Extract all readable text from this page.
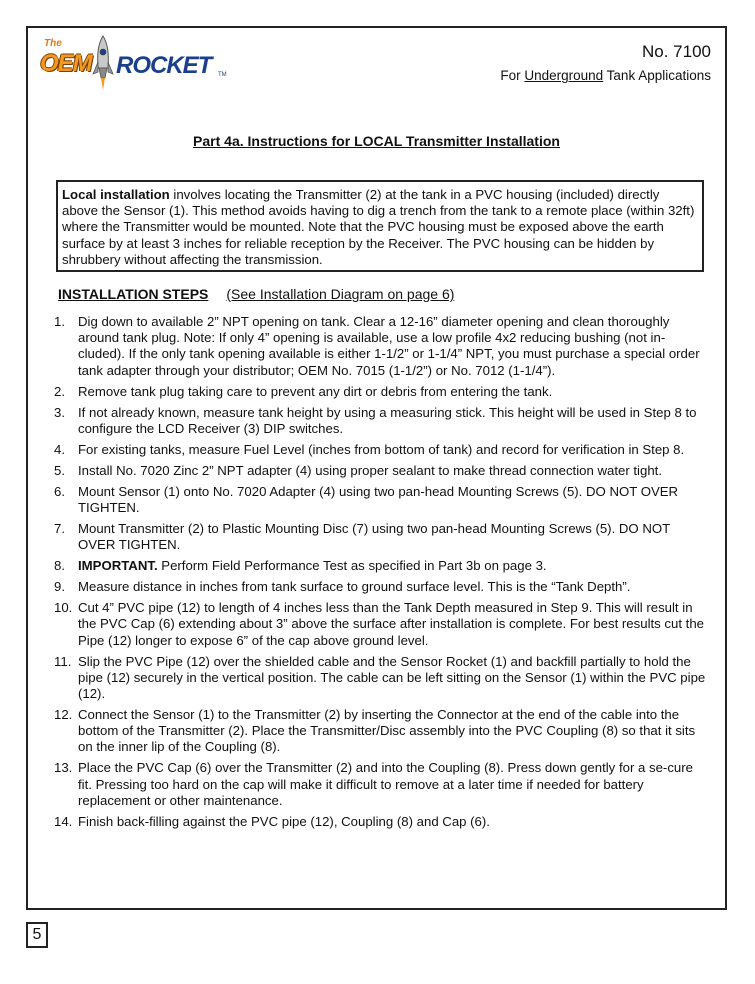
The
OEM ROCKET TM
No. 7100
For Underground Tank Applications
Part 4a. Instructions for LOCAL Transmitter Installation
Local installation involves locating the Transmitter (2) at the tank in a PVC housing (included) directly above the Sensor (1). This method avoids having to dig a trench from the tank to a remote place (within 32ft) where the Transmitter would be mounted. Note that the PVC housing must be exposed above the earth surface by at least 3 inches for reliable reception by the Receiver. The PVC housing can be hidden by shrubbery without affecting the transmission.
INSTALLATION STEPS (See Installation Diagram on page 6)
1. Dig down to available 2” NPT opening on tank. Clear a 12-16” diameter opening and clean thoroughly around tank plug. Note: If only 4” opening is available, use a low profile 4x2 reducing bushing (not in-cluded). If the only tank opening available is either 1-1/2” or 1-1/4” NPT, you must purchase a special order tank adapter through your distributor; OEM No. 7015 (1-1/2”) or No. 7012 (1-1/4”).
2. Remove tank plug taking care to prevent any dirt or debris from entering the tank.
3. If not already known, measure tank height by using a measuring stick. This height will be used in Step 8 to configure the LCD Receiver (3) DIP switches.
4. For existing tanks, measure Fuel Level (inches from bottom of tank) and record for verification in Step 8.
5. Install No. 7020 Zinc 2” NPT adapter (4) using proper sealant to make thread connection water tight.
6. Mount Sensor (1) onto No. 7020 Adapter (4) using two pan-head Mounting Screws (5). DO NOT OVER TIGHTEN.
7. Mount Transmitter (2) to Plastic Mounting Disc (7) using two pan-head Mounting Screws (5). DO NOT OVER TIGHTEN.
8. IMPORTANT. Perform Field Performance Test as specified in Part 3b on page 3.
9. Measure distance in inches from tank surface to ground surface level. This is the “Tank Depth”.
10. Cut 4” PVC pipe (12) to length of 4 inches less than the Tank Depth measured in Step 9. This will result in the PVC Cap (6) extending about 3” above the surface after installation is complete. For best results cut the Pipe (12) longer to expose 6” of the cap above ground level.
11. Slip the PVC Pipe (12) over the shielded cable and the Sensor Rocket (1) and backfill partially to hold the pipe (12) securely in the vertical position. The cable can be left sitting on the Sensor (1) within the PVC pipe (12).
12. Connect the Sensor (1) to the Transmitter (2) by inserting the Connector at the end of the cable into the bottom of the Transmitter (2). Place the Transmitter/Disc assembly into the PVC Coupling (8) so that it sits on the inner lip of the Coupling (8).
13. Place the PVC Cap (6) over the Transmitter (2) and into the Coupling (8). Press down gently for a se-cure fit. Pressing too hard on the cap will make it difficult to remove at a later time if needed for battery replacement or other maintenance.
14. Finish back-filling against the PVC pipe (12), Coupling (8) and Cap (6).
5
